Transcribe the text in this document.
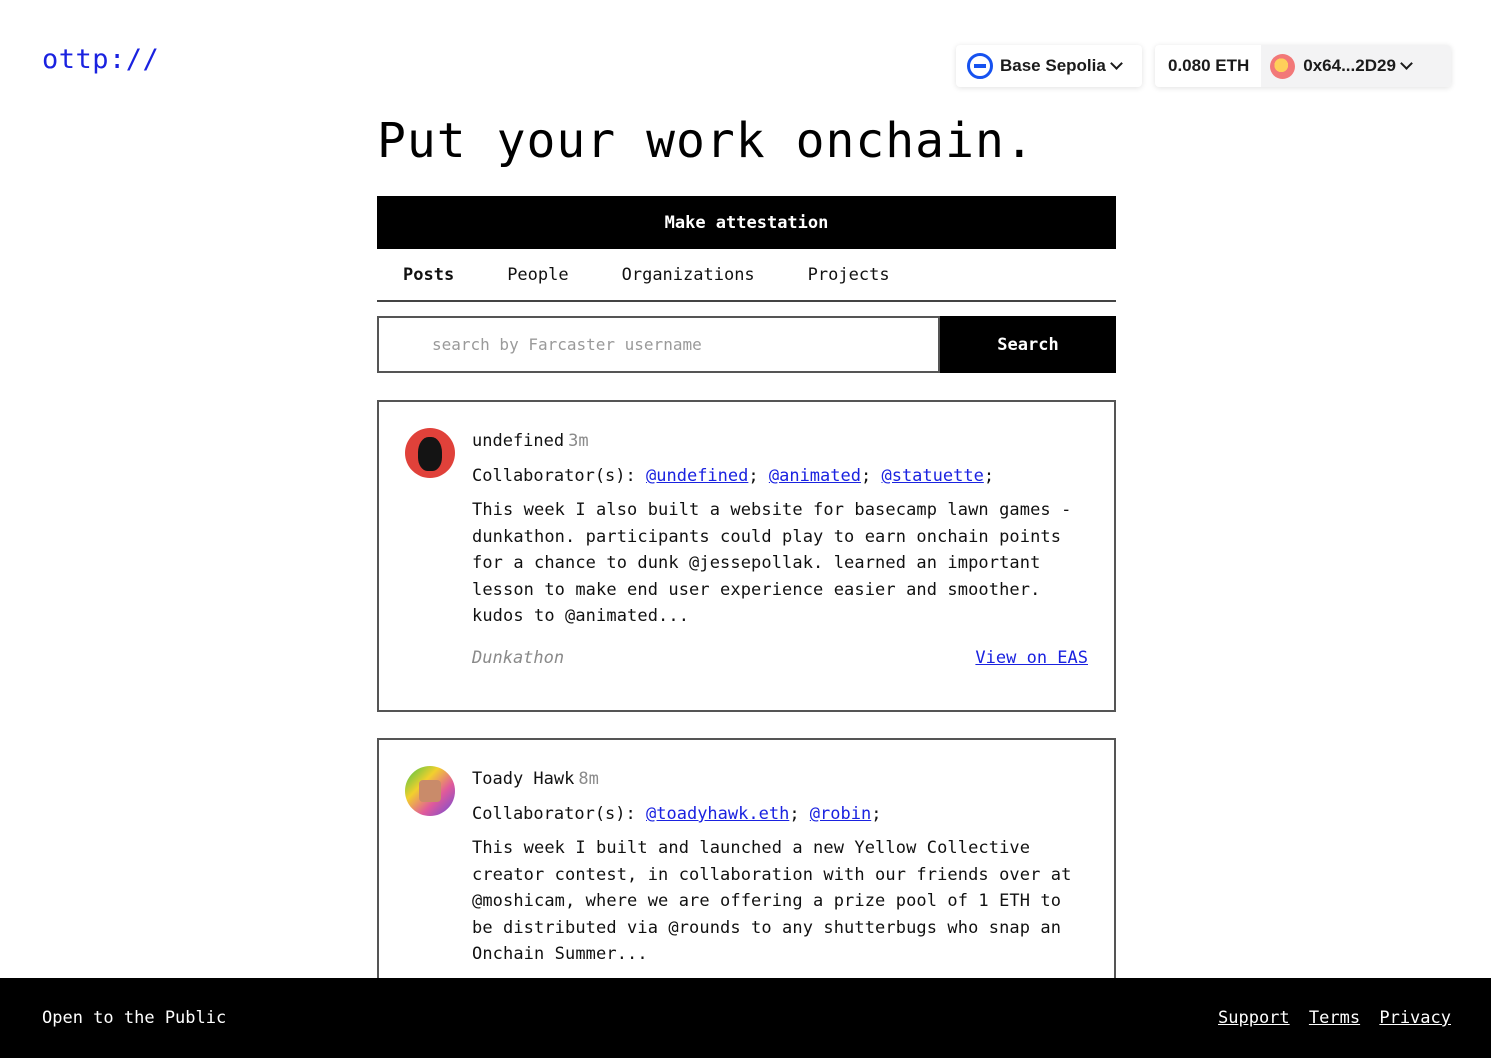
ottp://	Base Sepolia	0.080 ETH	0x64...2D29
Put your work onchain.
Make attestation
Posts	People	Organizations	Projects
search by Farcaster username
Search
undefined 3m
Collaborator(s): @undefined; @animated; @statuette;
This week I also built a website for basecamp lawn games -
dunkathon. participants could play to earn onchain points
for a chance to dunk @jessepollak. learned an important
lesson to make end user experience easier and smoother.
kudos to @animated...
Dunkathon	View on EAS
Toady Hawk 8m
Collaborator(s): @toadyhawk.eth; @robin;
This week I built and launched a new Yellow Collective
creator contest, in collaboration with our friends over at
@moshicam, where we are offering a prize pool of 1 ETH to
be distributed via @rounds to any shutterbugs who snap an
Onchain Summer...
Open to the Public	Support Terms Privacy
